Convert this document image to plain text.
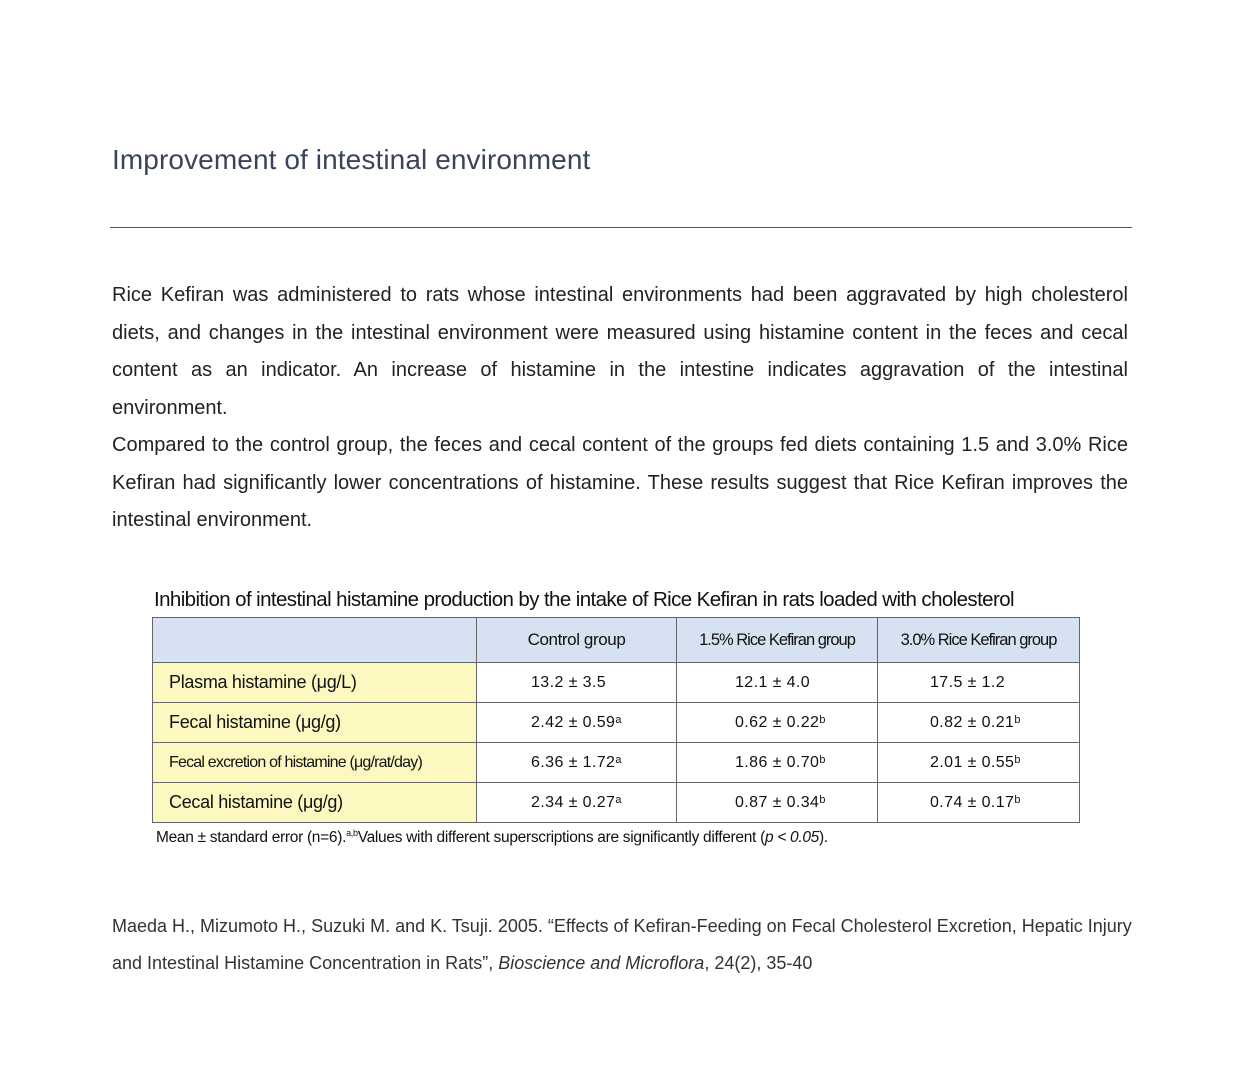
Improvement of intestinal environment

Rice Kefiran was administered to rats whose intestinal environments had been aggravated by high cholesterol diets, and changes in the intestinal environment were measured using histamine content in the feces and cecal content as an indicator. An increase of histamine in the intestine indicates aggravation of the intestinal environment.

Compared to the control group, the feces and cecal content of the groups fed diets containing 1.5 and 3.0% Rice Kefiran had significantly lower concentrations of histamine. These results suggest that Rice Kefiran improves the intestinal environment.

Inhibition of intestinal histamine production by the intake of Rice Kefiran in rats loaded with cholesterol
	Control group	1.5% Rice Kefiran group	3.0% Rice Kefiran group
Plasma histamine (μg/L)	13.2 ± 3.5	12.1 ± 4.0	17.5 ± 1.2
Fecal histamine (μg/g)	2.42 ± 0.59ᵃ	0.62 ± 0.22ᵇ	0.82 ± 0.21ᵇ
Fecal excretion of histamine (μg/rat/day)	6.36 ± 1.72ᵃ	1.86 ± 0.70ᵇ	2.01 ± 0.55ᵇ
Cecal histamine (μg/g)	2.34 ± 0.27ᵃ	0.87 ± 0.34ᵇ	0.74 ± 0.17ᵇ
Mean ± standard error (n=6).$^{a,b}$Values with different superscriptions are significantly different (p < 0.05).
Maeda H., Mizumoto H., Suzuki M. and K. Tsuji. 2005. “Effects of Kefiran-Feeding on Fecal Cholesterol Excretion, Hepatic Injury and Intestinal Histamine Concentration in Rats”, Bioscience and Microflora, 24(2), 35-40
